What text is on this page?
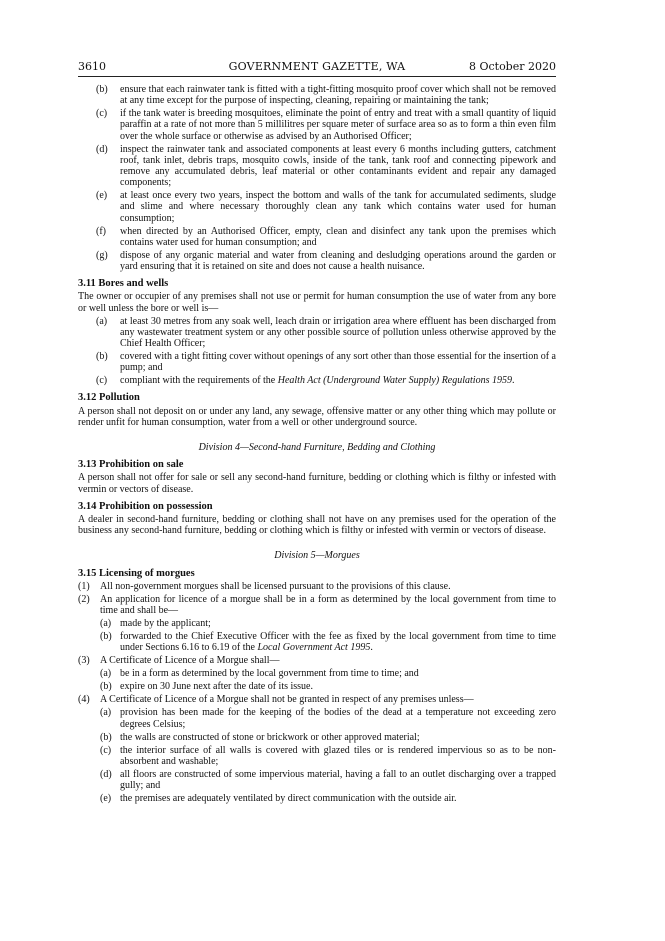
3610	GOVERNMENT GAZETTE, WA	8 October 2020
(b) ensure that each rainwater tank is fitted with a tight-fitting mosquito proof cover which shall not be removed at any time except for the purpose of inspecting, cleaning, repairing or maintaining the tank;
(c) if the tank water is breeding mosquitoes, eliminate the point of entry and treat with a small quantity of liquid paraffin at a rate of not more than 5 millilitres per square meter of surface area so as to form a thin even film over the whole surface or otherwise as advised by an Authorised Officer;
(d) inspect the rainwater tank and associated components at least every 6 months including gutters, catchment roof, tank inlet, debris traps, mosquito cowls, inside of the tank, tank roof and connecting pipework and remove any accumulated debris, leaf material or other contaminants evident and repair any damaged components;
(e) at least once every two years, inspect the bottom and walls of the tank for accumulated sediments, sludge and slime and where necessary thoroughly clean any tank which contains water used for human consumption;
(f) when directed by an Authorised Officer, empty, clean and disinfect any tank upon the premises which contains water used for human consumption; and
(g) dispose of any organic material and water from cleaning and desludging operations around the garden or yard ensuring that it is retained on site and does not cause a health nuisance.
3.11 Bores and wells

The owner or occupier of any premises shall not use or permit for human consumption the use of water from any bore or well unless the bore or well is—

(a) at least 30 metres from any soak well, leach drain or irrigation area where effluent has been discharged from any wastewater treatment system or any other possible source of pollution unless otherwise approved by the Chief Health Officer;
(b) covered with a tight fitting cover without openings of any sort other than those essential for the insertion of a pump; and
(c) compliant with the requirements of the Health Act (Underground Water Supply) Regulations 1959.
3.12 Pollution

A person shall not deposit on or under any land, any sewage, offensive matter or any other thing which may pollute or render unfit for human consumption, water from a well or other underground source.

Division 4—Second-hand Furniture, Bedding and Clothing

3.13 Prohibition on sale

A person shall not offer for sale or sell any second-hand furniture, bedding or clothing which is filthy or infested with vermin or vectors of disease.

3.14 Prohibition on possession

A dealer in second-hand furniture, bedding or clothing shall not have on any premises used for the operation of the business any second-hand furniture, bedding or clothing which is filthy or infested with vermin or vectors of disease.

Division 5—Morgues

3.15 Licensing of morgues
(1) All non-government morgues shall be licensed pursuant to the provisions of this clause.
(2) An application for licence of a morgue shall be in a form as determined by the local government from time to time and shall be—
(a) made by the applicant;
(b) forwarded to the Chief Executive Officer with the fee as fixed by the local government from time to time under Sections 6.16 to 6.19 of the Local Government Act 1995.
(3) A Certificate of Licence of a Morgue shall—
(a) be in a form as determined by the local government from time to time; and
(b) expire on 30 June next after the date of its issue.
(4) A Certificate of Licence of a Morgue shall not be granted in respect of any premises unless—
(a) provision has been made for the keeping of the bodies of the dead at a temperature not exceeding zero degrees Celsius;
(b) the walls are constructed of stone or brickwork or other approved material;
(c) the interior surface of all walls is covered with glazed tiles or is rendered impervious so as to be non-absorbent and washable;
(d) all floors are constructed of some impervious material, having a fall to an outlet discharging over a trapped gully; and
(e) the premises are adequately ventilated by direct communication with the outside air.
